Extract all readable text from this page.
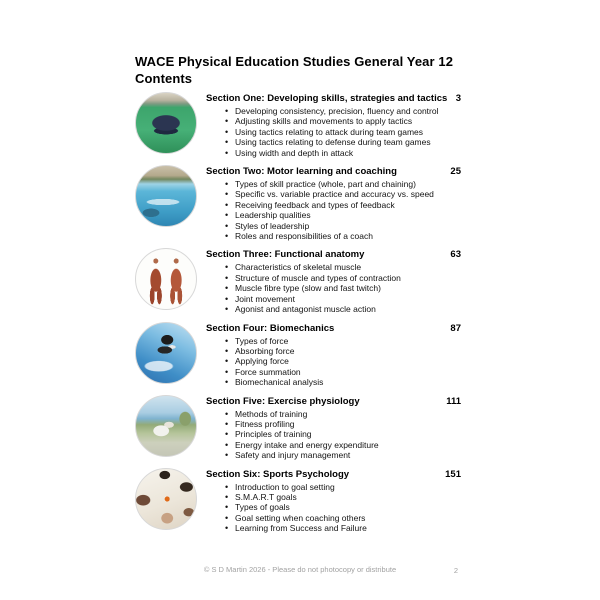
WACE Physical Education Studies General Year 12
Contents
Section One: Developing skills, strategies and tactics 3
• Developing consistency, precision, fluency and control
• Adjusting skills and movements to apply tactics
• Using tactics relating to attack during team games
• Using tactics relating to defense during team games
• Using width and depth in attack
Section Two: Motor learning and coaching	25
• Types of skill practice (whole, part and chaining)
• Specific vs. variable practice and accuracy vs. speed
• Receiving feedback and types of feedback
• Leadership qualities
• Styles of leadership
• Roles and responsibilities of a coach
Section Three: Functional anatomy	63
• Characteristics of skeletal muscle
• Structure of muscle and types of contraction
• Muscle fibre type (slow and fast twitch)
• Joint movement
• Agonist and antagonist muscle action
Section Four: Biomechanics	87
• Types of force
• Absorbing force
• Applying force
• Force summation
• Biomechanical analysis
Section Five: Exercise physiology	111
• Methods of training
• Fitness profiling
• Principles of training
• Energy intake and energy expenditure
• Safety and injury management
Section Six: Sports Psychology	151
• Introduction to goal setting
• S.M.A.R.T goals
• Types of goals
• Goal setting when coaching others
• Learning from Success and Failure
© S D Martin 2026 - Please do not photocopy or distribute	2
